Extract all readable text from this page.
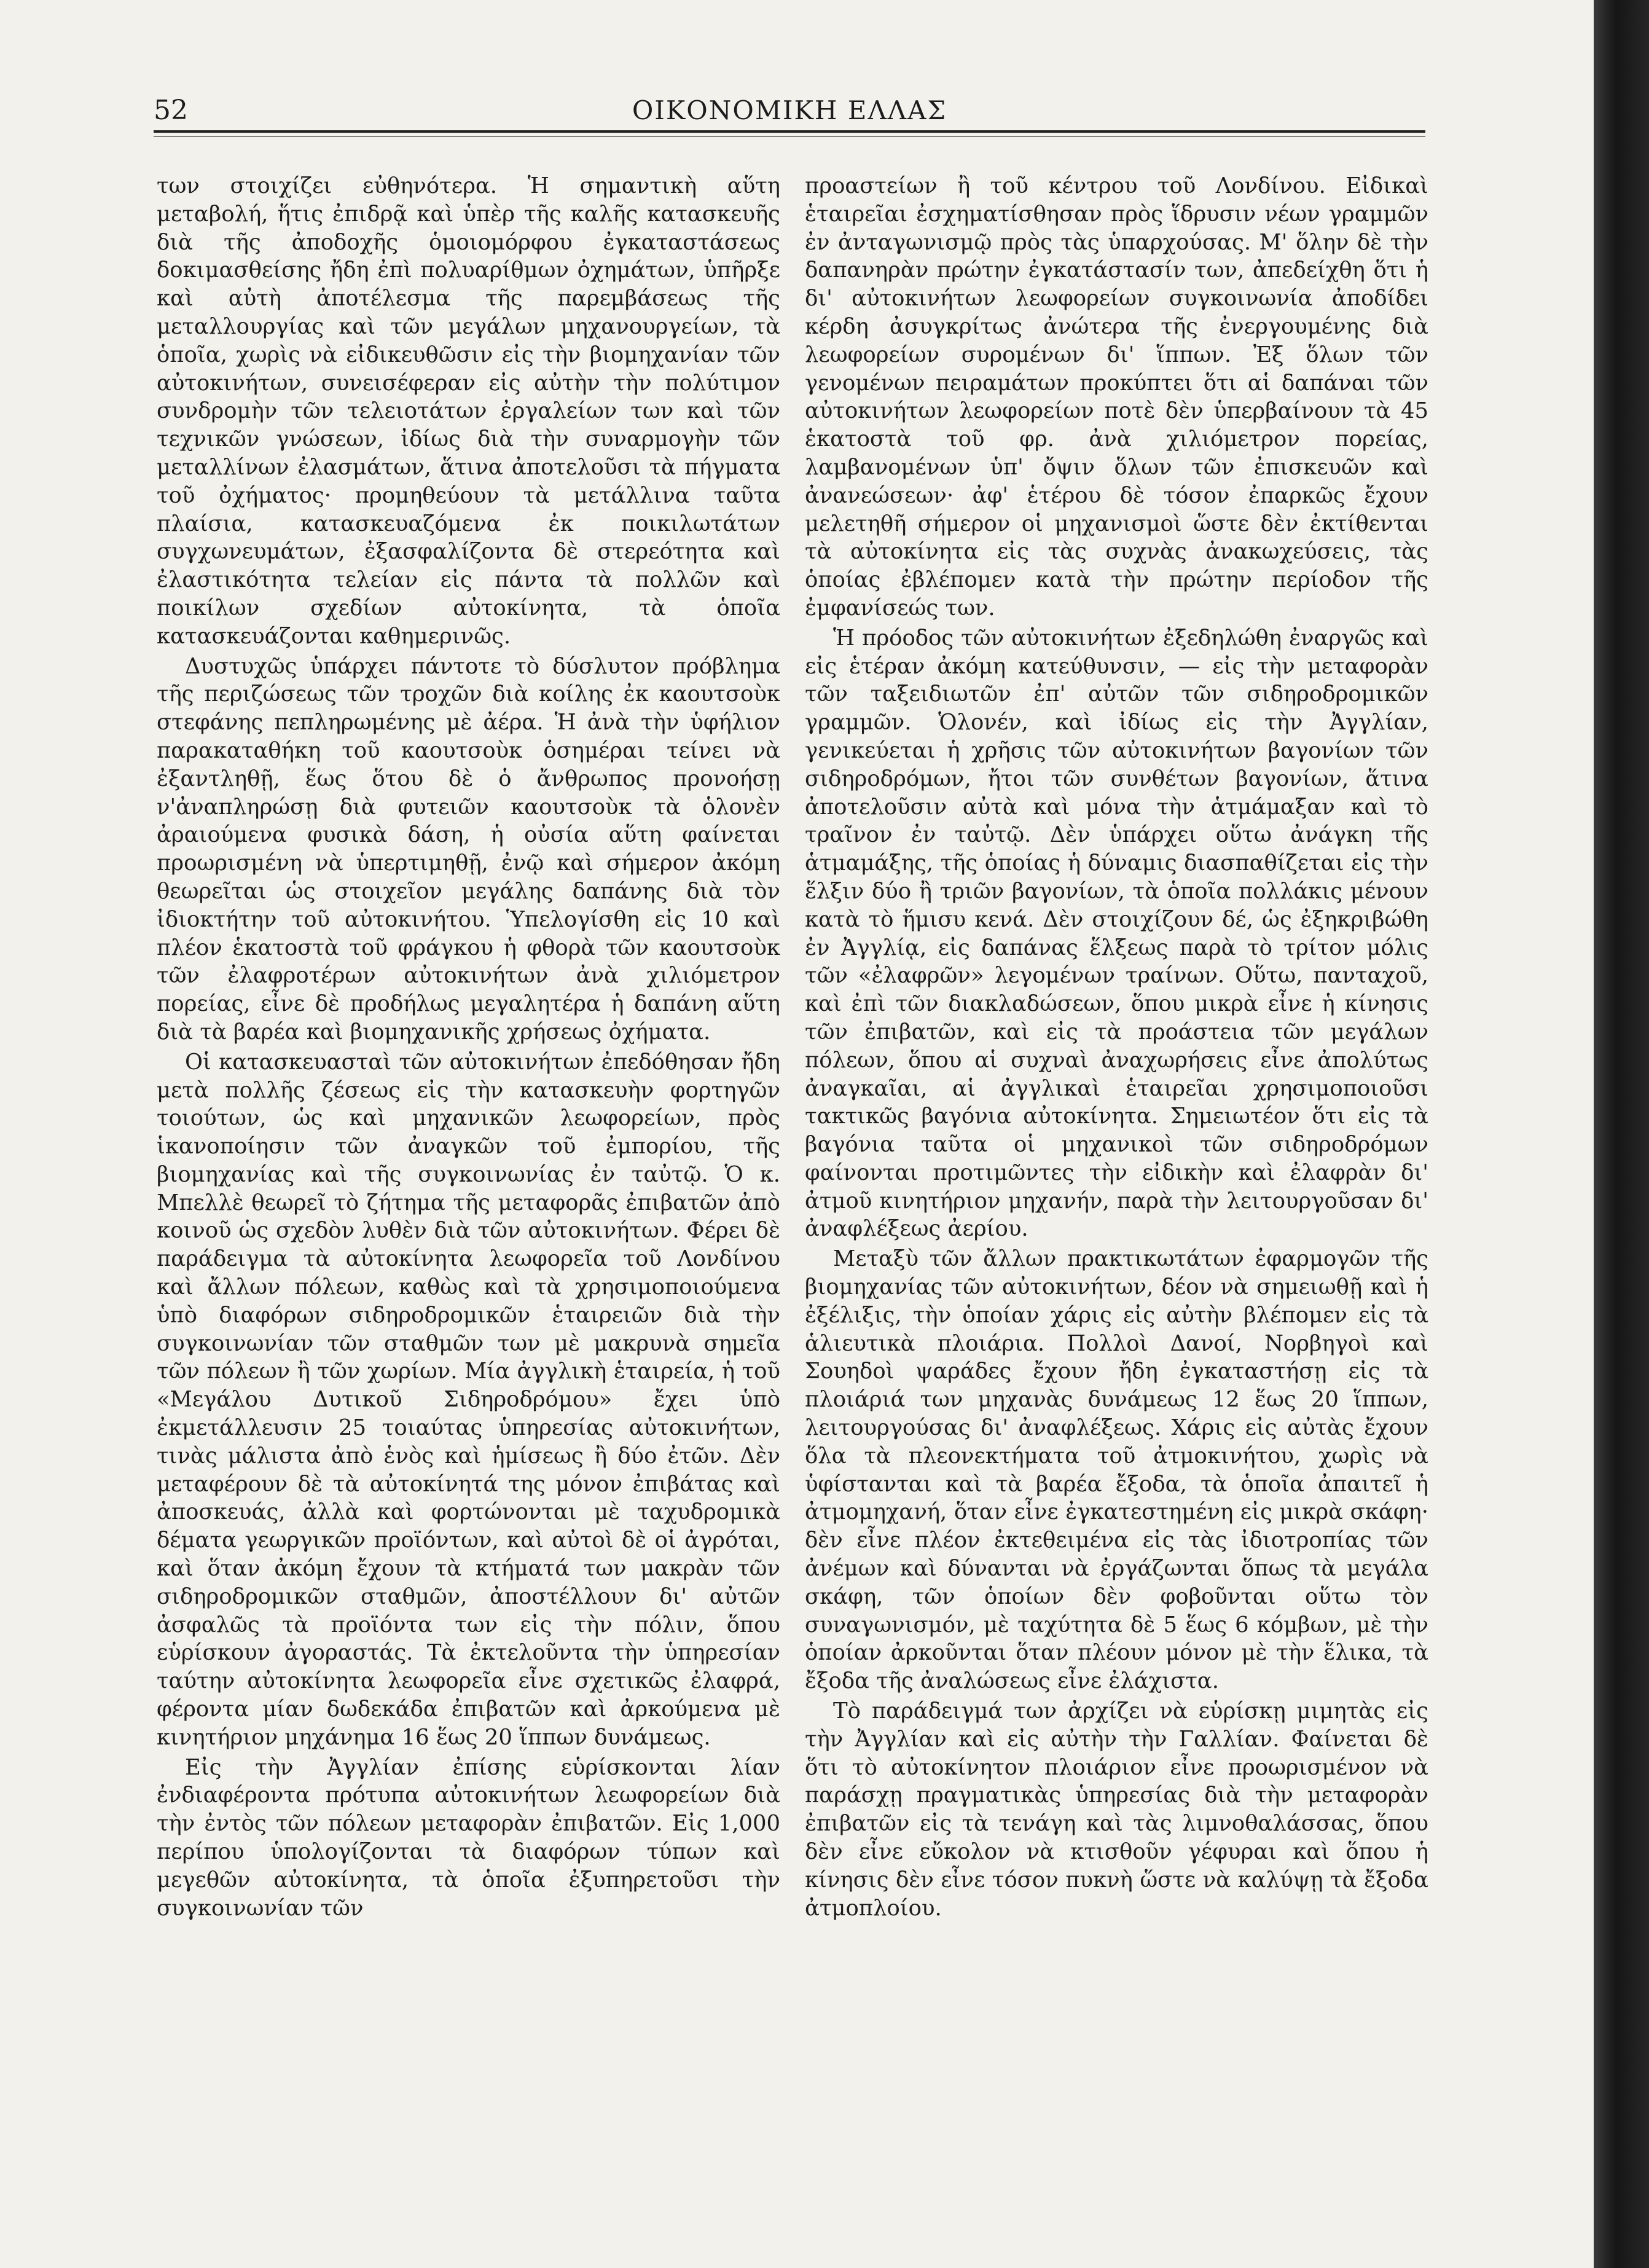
52	ΟΙΚΟΝΟΜΙΚΗ ΕΛΛΑΣ

των στοιχίζει εὐθηνότερα. Ἡ σημαντικὴ αὕτη μεταβολή, ἥτις ἐπιδρᾷ καὶ ὑπὲρ τῆς καλῆς κατασκευῆς διὰ τῆς ἀποδοχῆς ὁμοιομόρφου ἐγκαταστάσεως δοκιμασθείσης ἤδη ἐπὶ πολυαρίθμων ὀχημάτων, ὑπῆρξε καὶ αὐτὴ ἀποτέλεσμα τῆς παρεμβάσεως τῆς μεταλλουργίας καὶ τῶν μεγάλων μηχανουργείων, τὰ ὁποῖα, χωρὶς νὰ εἰδικευθῶσιν εἰς τὴν βιομηχανίαν τῶν αὐτοκινήτων, συνεισέφεραν εἰς αὐτὴν τὴν πολύτιμον συνδρομὴν τῶν τελειοτάτων ἐργαλείων των καὶ τῶν τεχνικῶν γνώσεων, ἰδίως διὰ τὴν συναρμογὴν τῶν μεταλλίνων ἐλασμάτων, ἅτινα ἀποτελοῦσι τὰ πήγματα τοῦ ὀχήματος· προμηθεύουν τὰ μετάλλινα ταῦτα πλαίσια, κατασκευαζόμενα ἐκ ποικιλωτάτων συγχωνευμάτων, ἐξασφαλίζοντα δὲ στερεότητα καὶ ἐλαστικότητα τελείαν εἰς πάντα τὰ πολλῶν καὶ ποικίλων σχεδίων αὐτοκίνητα, τὰ ὁποῖα κατασκευάζονται καθημερινῶς.

Δυστυχῶς ὑπάρχει πάντοτε τὸ δύσλυτον πρόβλημα τῆς περιζώσεως τῶν τροχῶν διὰ κοίλης ἐκ καουτσοὺκ στεφάνης πεπληρωμένης μὲ ἀέρα. Ἡ ἀνὰ τὴν ὑφήλιον παρακαταθήκη τοῦ καουτσοὺκ ὁσημέραι τείνει νὰ ἐξαντληθῇ, ἕως ὅτου δὲ ὁ ἄνθρωπος προνοήσῃ ν'ἀναπληρώσῃ διὰ φυτειῶν καουτσοὺκ τὰ ὁλονὲν ἀραιούμενα φυσικὰ δάση, ἡ οὐσία αὕτη φαίνεται προωρισμένη νὰ ὑπερτιμηθῇ, ἐνῷ καὶ σήμερον ἀκόμη θεωρεῖται ὡς στοιχεῖον μεγάλης δαπάνης διὰ τὸν ἰδιοκτήτην τοῦ αὐτοκινήτου. Ὑπελογίσθη εἰς 10 καὶ πλέον ἑκατοστὰ τοῦ φράγκου ἡ φθορὰ τῶν καουτσοὺκ τῶν ἐλαφροτέρων αὐτοκινήτων ἀνὰ χιλιόμετρον πορείας, εἶνε δὲ προδήλως μεγαλητέρα ἡ δαπάνη αὕτη διὰ τὰ βαρέα καὶ βιομηχανικῆς χρήσεως ὀχήματα.

Οἱ κατασκευασταὶ τῶν αὐτοκινήτων ἐπεδόθησαν ἤδη μετὰ πολλῆς ζέσεως εἰς τὴν κατασκευὴν φορτηγῶν τοιούτων, ὡς καὶ μηχανικῶν λεωφορείων, πρὸς ἱκανοποίησιν τῶν ἀναγκῶν τοῦ ἐμπορίου, τῆς βιομηχανίας καὶ τῆς συγκοινωνίας ἐν ταὐτῷ. Ὁ κ. Μπελλὲ θεωρεῖ τὸ ζήτημα τῆς μεταφορᾶς ἐπιβατῶν ἀπὸ κοινοῦ ὡς σχεδὸν λυθὲν διὰ τῶν αὐτοκινήτων. Φέρει δὲ παράδειγμα τὰ αὐτοκίνητα λεωφορεῖα τοῦ Λονδίνου καὶ ἄλλων πόλεων, καθὼς καὶ τὰ χρησιμοποιούμενα ὑπὸ διαφόρων σιδηροδρομικῶν ἑταιρειῶν διὰ τὴν συγκοινωνίαν τῶν σταθμῶν των μὲ μακρυνὰ σημεῖα τῶν πόλεων ἢ τῶν χωρίων. Μία ἀγγλικὴ ἑταιρεία, ἡ τοῦ «Μεγάλου Δυτικοῦ Σιδηροδρόμου» ἔχει ὑπὸ ἐκμετάλλευσιν 25 τοιαύτας ὑπηρεσίας αὐτοκινήτων, τινὰς μάλιστα ἀπὸ ἑνὸς καὶ ἡμίσεως ἢ δύο ἐτῶν. Δὲν μεταφέρουν δὲ τὰ αὐτοκίνητά της μόνον ἐπιβάτας καὶ ἀποσκευάς, ἀλλὰ καὶ φορτώνονται μὲ ταχυδρομικὰ δέματα γεωργικῶν προϊόντων, καὶ αὐτοὶ δὲ οἱ ἀγρόται, καὶ ὅταν ἀκόμη ἔχουν τὰ κτήματά των μακρὰν τῶν σιδηροδρομικῶν σταθμῶν, ἀποστέλλουν δι' αὐτῶν ἀσφαλῶς τὰ προϊόντα των εἰς τὴν πόλιν, ὅπου εὑρίσκουν ἀγοραστάς. Τὰ ἐκτελοῦντα τὴν ὑπηρεσίαν ταύτην αὐτοκίνητα λεωφορεῖα εἶνε σχετικῶς ἐλαφρά, φέροντα μίαν δωδεκάδα ἐπιβατῶν καὶ ἀρκούμενα μὲ κινητήριον μηχάνημα 16 ἕως 20 ἵππων δυνάμεως.

Εἰς τὴν Ἀγγλίαν ἐπίσης εὑρίσκονται λίαν ἐνδιαφέροντα πρότυπα αὐτοκινήτων λεωφορείων διὰ τὴν ἐντὸς τῶν πόλεων μεταφορὰν ἐπιβατῶν. Εἰς 1,000 περίπου ὑπολογίζονται τὰ διαφόρων τύπων καὶ μεγεθῶν αὐτοκίνητα, τὰ ὁποῖα ἐξυπηρετοῦσι τὴν συγκοινωνίαν τῶν

προαστείων ἢ τοῦ κέντρου τοῦ Λονδίνου. Εἰδικαὶ ἑταιρεῖαι ἐσχηματίσθησαν πρὸς ἵδρυσιν νέων γραμμῶν ἐν ἀνταγωνισμῷ πρὸς τὰς ὑπαρχούσας. Μ' ὅλην δὲ τὴν δαπανηρὰν πρώτην ἐγκατάστασίν των, ἀπεδείχθη ὅτι ἡ δι' αὐτοκινήτων λεωφορείων συγκοινωνία ἀποδίδει κέρδη ἀσυγκρίτως ἀνώτερα τῆς ἐνεργουμένης διὰ λεωφορείων συρομένων δι' ἵππων. Ἐξ ὅλων τῶν γενομένων πειραμάτων προκύπτει ὅτι αἱ δαπάναι τῶν αὐτοκινήτων λεωφορείων ποτὲ δὲν ὑπερβαίνουν τὰ 45 ἑκατοστὰ τοῦ φρ. ἀνὰ χιλιόμετρον πορείας, λαμβανομένων ὑπ' ὄψιν ὅλων τῶν ἐπισκευῶν καὶ ἀνανεώσεων· ἀφ' ἑτέρου δὲ τόσον ἐπαρκῶς ἔχουν μελετηθῆ σήμερον οἱ μηχανισμοὶ ὥστε δὲν ἐκτίθενται τὰ αὐτοκίνητα εἰς τὰς συχνὰς ἀνακωχεύσεις, τὰς ὁποίας ἐβλέπομεν κατὰ τὴν πρώτην περίοδον τῆς ἐμφανίσεώς των.

Ἡ πρόοδος τῶν αὐτοκινήτων ἐξεδηλώθη ἐναργῶς καὶ εἰς ἑτέραν ἀκόμη κατεύθυνσιν, — εἰς τὴν μεταφορὰν τῶν ταξειδιωτῶν ἐπ' αὐτῶν τῶν σιδηροδρομικῶν γραμμῶν. Ὁλονέν, καὶ ἰδίως εἰς τὴν Ἀγγλίαν, γενικεύεται ἡ χρῆσις τῶν αὐτοκινήτων βαγονίων τῶν σιδηροδρόμων, ἤτοι τῶν συνθέτων βαγονίων, ἅτινα ἀποτελοῦσιν αὐτὰ καὶ μόνα τὴν ἁτμάμαξαν καὶ τὸ τραῖνον ἐν ταὐτῷ. Δὲν ὑπάρχει οὕτω ἀνάγκη τῆς ἁτμαμάξης, τῆς ὁποίας ἡ δύναμις διασπαθίζεται εἰς τὴν ἕλξιν δύο ἢ τριῶν βαγονίων, τὰ ὁποῖα πολλάκις μένουν κατὰ τὸ ἥμισυ κενά. Δὲν στοιχίζουν δέ, ὡς ἐξηκριβώθη ἐν Ἀγγλίᾳ, εἰς δαπάνας ἕλξεως παρὰ τὸ τρίτον μόλις τῶν «ἐλαφρῶν» λεγομένων τραίνων. Οὕτω, πανταχοῦ, καὶ ἐπὶ τῶν διακλαδώσεων, ὅπου μικρὰ εἶνε ἡ κίνησις τῶν ἐπιβατῶν, καὶ εἰς τὰ προάστεια τῶν μεγάλων πόλεων, ὅπου αἱ συχναὶ ἀναχωρήσεις εἶνε ἀπολύτως ἀναγκαῖαι, αἱ ἀγγλικαὶ ἑταιρεῖαι χρησιμοποιοῦσι τακτικῶς βαγόνια αὐτοκίνητα. Σημειωτέον ὅτι εἰς τὰ βαγόνια ταῦτα οἱ μηχανικοὶ τῶν σιδηροδρόμων φαίνονται προτιμῶντες τὴν εἰδικὴν καὶ ἐλαφρὰν δι' ἀτμοῦ κινητήριον μηχανήν, παρὰ τὴν λειτουργοῦσαν δι' ἀναφλέξεως ἀερίου.

Μεταξὺ τῶν ἄλλων πρακτικωτάτων ἐφαρμογῶν τῆς βιομηχανίας τῶν αὐτοκινήτων, δέον νὰ σημειωθῇ καὶ ἡ ἐξέλιξις, τὴν ὁποίαν χάρις εἰς αὐτὴν βλέπομεν εἰς τὰ ἁλιευτικὰ πλοιάρια. Πολλοὶ Δανοί, Νορβηγοὶ καὶ Σουηδοὶ ψαράδες ἔχουν ἤδη ἐγκαταστήσῃ εἰς τὰ πλοιάριά των μηχανὰς δυνάμεως 12 ἕως 20 ἵππων, λειτουργούσας δι' ἀναφλέξεως. Χάρις εἰς αὐτὰς ἔχουν ὅλα τὰ πλεονεκτήματα τοῦ ἀτμοκινήτου, χωρὶς νὰ ὑφίστανται καὶ τὰ βαρέα ἔξοδα, τὰ ὁποῖα ἀπαιτεῖ ἡ ἀτμομηχανή, ὅταν εἶνε ἐγκατεστημένη εἰς μικρὰ σκάφη· δὲν εἶνε πλέον ἐκτεθειμένα εἰς τὰς ἰδιοτροπίας τῶν ἀνέμων καὶ δύνανται νὰ ἐργάζωνται ὅπως τὰ μεγάλα σκάφη, τῶν ὁποίων δὲν φοβοῦνται οὕτω τὸν συναγωνισμόν, μὲ ταχύτητα δὲ 5 ἕως 6 κόμβων, μὲ τὴν ὁποίαν ἀρκοῦνται ὅταν πλέουν μόνον μὲ τὴν ἕλικα, τὰ ἔξοδα τῆς ἀναλώσεως εἶνε ἐλάχιστα.

Τὸ παράδειγμά των ἀρχίζει νὰ εὑρίσκῃ μιμητὰς εἰς τὴν Ἀγγλίαν καὶ εἰς αὐτὴν τὴν Γαλλίαν. Φαίνεται δὲ ὅτι τὸ αὐτοκίνητον πλοιάριον εἶνε προωρισμένον νὰ παράσχῃ πραγματικὰς ὑπηρεσίας διὰ τὴν μεταφορὰν ἐπιβατῶν εἰς τὰ τενάγη καὶ τὰς λιμνοθαλάσσας, ὅπου δὲν εἶνε εὔκολον νὰ κτισθοῦν γέφυραι καὶ ὅπου ἡ κίνησις δὲν εἶνε τόσον πυκνὴ ὥστε νὰ καλύψῃ τὰ ἔξοδα ἀτμοπλοίου.
